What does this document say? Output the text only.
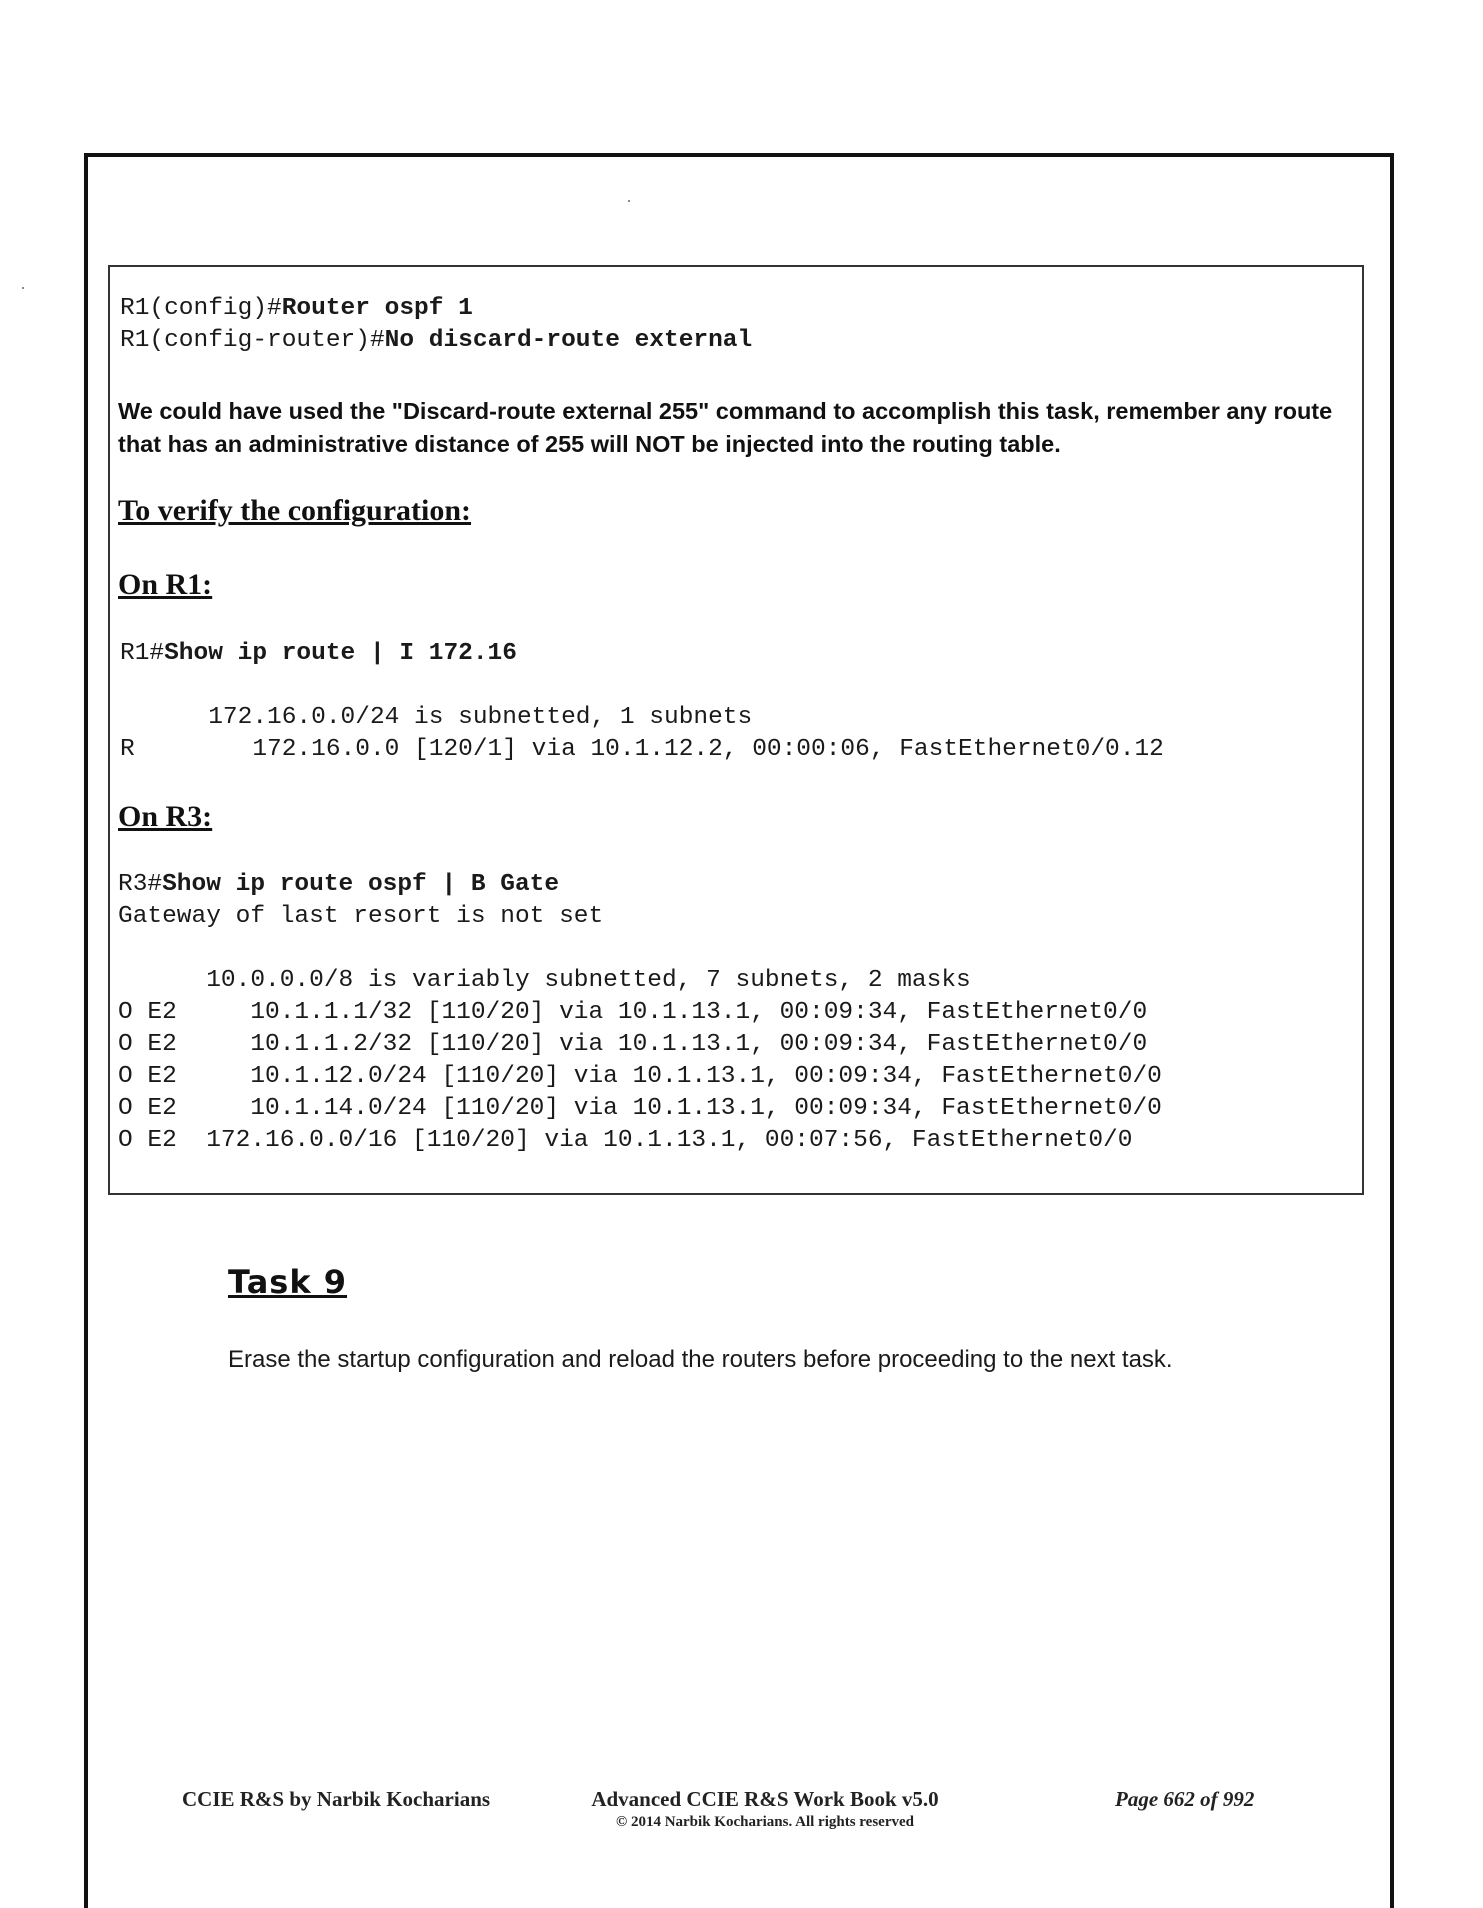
R1(config)#Router ospf 1
R1(config-router)#No discard-route external

We could have used the "Discard-route external 255" command to accomplish this task, remember any route that has an administrative distance of 255 will NOT be injected into the routing table.

To verify the configuration:

On R1:

R1#Show ip route | I 172.16
172.16.0.0/24 is subnetted, 1 subnets
R        172.16.0.0 [120/1] via 10.1.12.2, 00:00:06, FastEthernet0/0.12

On R3:

R3#Show ip route ospf | B Gate
Gateway of last resort is not set
10.0.0.0/8 is variably subnetted, 7 subnets, 2 masks
O E2     10.1.1.1/32 [110/20] via 10.1.13.1, 00:09:34, FastEthernet0/0
O E2     10.1.1.2/32 [110/20] via 10.1.13.1, 00:09:34, FastEthernet0/0
O E2     10.1.12.0/24 [110/20] via 10.1.13.1, 00:09:34, FastEthernet0/0
O E2     10.1.14.0/24 [110/20] via 10.1.13.1, 00:09:34, FastEthernet0/0
O E2  172.16.0.0/16 [110/20] via 10.1.13.1, 00:07:56, FastEthernet0/0

Task 9

Erase the startup configuration and reload the routers before proceeding to the next task.

CCIE R&S by Narbik Kocharians	Advanced CCIE R&S Work Book v5.0
© 2014 Narbik Kocharians. All rights reserved
Page 662 of 992
